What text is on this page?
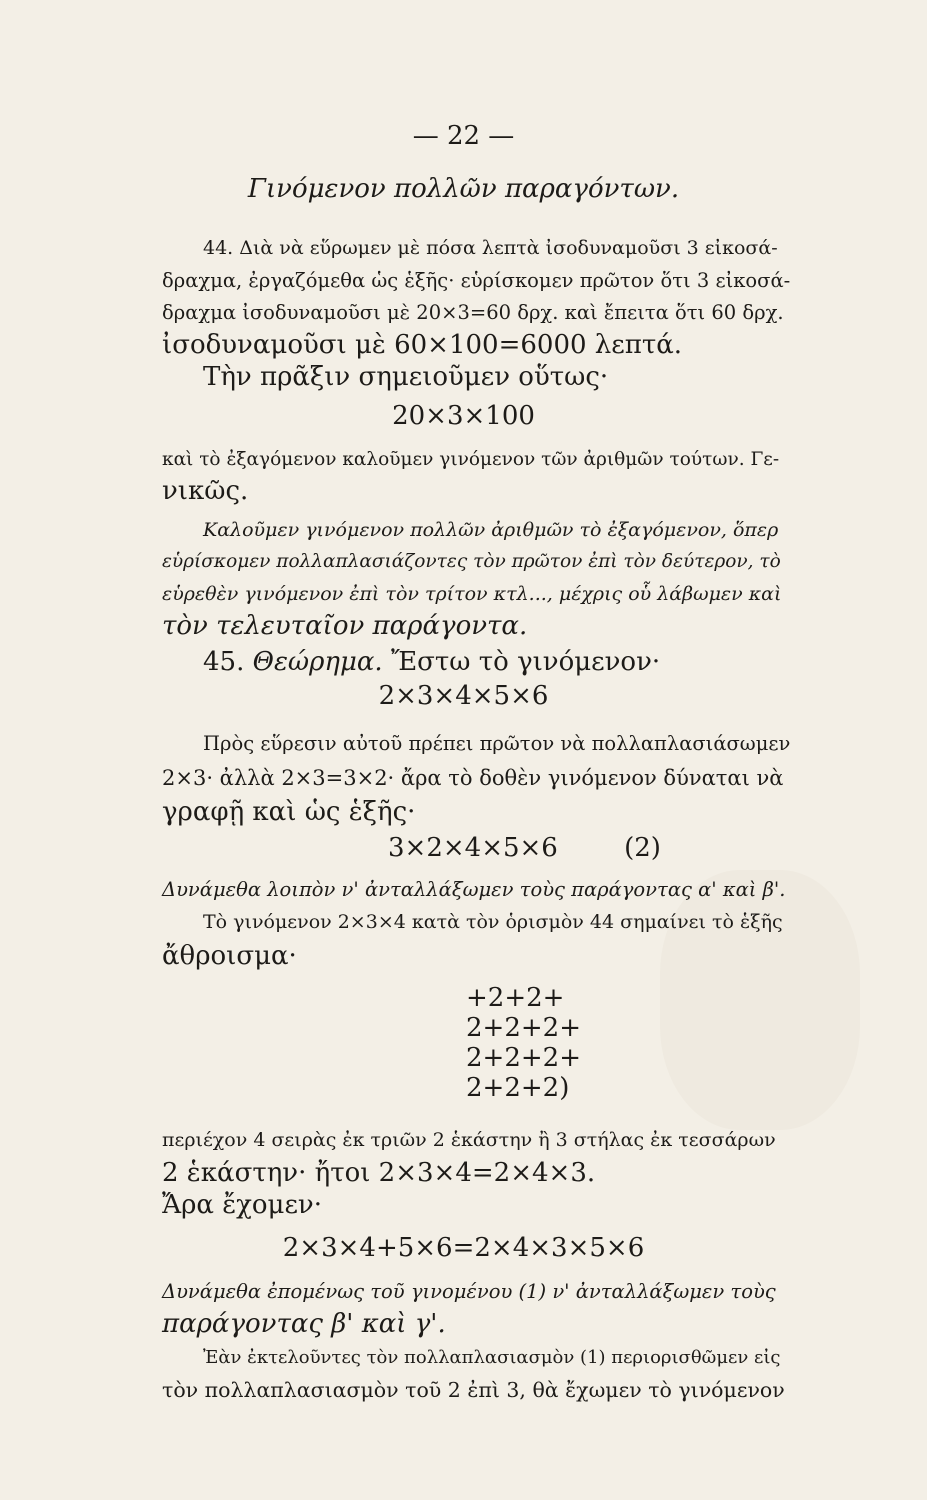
— 22 —
Γινόμενον πολλῶν παραγόντων.
44. Διὰ νὰ εὕρωμεν μὲ πόσα λεπτὰ ἰσοδυναμοῦσι 3 εἰκοσά-
δραχμα, ἐργαζόμεθα ὡς ἑξῆς· εὑρίσκομεν πρῶτον ὅτι 3 εἰκοσά-
δραχμα ἰσοδυναμοῦσι μὲ 20×3=60 δρχ. καὶ ἔπειτα ὅτι 60 δρχ.
ἰσοδυναμοῦσι μὲ 60×100=6000 λεπτά.
Τὴν πρᾶξιν σημειοῦμεν οὕτως·
20×3×100
καὶ τὸ ἐξαγόμενον καλοῦμεν γινόμενον τῶν ἀριθμῶν τούτων. Γε-
νικῶς.
Καλοῦμεν γινόμενον πολλῶν ἀριθμῶν τὸ ἐξαγόμενον, ὅπερ
εὑρίσκομεν πολλαπλασιάζοντες τὸν πρῶτον ἐπὶ τὸν δεύτερον, τὸ
εὑρεθὲν γινόμενον ἐπὶ τὸν τρίτον κτλ..., μέχρις οὗ λάβωμεν καὶ
τὸν τελευταῖον παράγοντα.
45. Θεώρημα. Ἔστω τὸ γινόμενον·
2×3×4×5×6
Πρὸς εὕρεσιν αὐτοῦ πρέπει πρῶτον νὰ πολλαπλασιάσωμεν
2×3· ἀλλὰ 2×3=3×2· ἄρα τὸ δοθὲν γινόμενον δύναται νὰ
γραφῇ καὶ ὡς ἑξῆς·
3×2×4×5×6	(2)
Δυνάμεθα λοιπὸν ν' ἀνταλλάξωμεν τοὺς παράγοντας α' καὶ β'.
Τὸ γινόμενον 2×3×4 κατὰ τὸν ὁρισμὸν 44 σημαίνει τὸ ἑξῆς
ἄθροισμα·
+2+2+
2+2+2+
2+2+2+
2+2+2)
περιέχον 4 σειρὰς ἐκ τριῶν 2 ἑκάστην ἢ 3 στήλας ἐκ τεσσάρων
2 ἑκάστην· ἤτοι 2×3×4=2×4×3.
Ἄρα ἔχομεν·
2×3×4+5×6=2×4×3×5×6
Δυνάμεθα ἐπομένως τοῦ γινομένου (1) ν' ἀνταλλάξωμεν τοὺς
παράγοντας β' καὶ γ'.
Ἐὰν ἐκτελοῦντες τὸν πολλαπλασιασμὸν (1) περιορισθῶμεν εἰς
τὸν πολλαπλασιασμὸν τοῦ 2 ἐπὶ 3, θὰ ἔχωμεν τὸ γινόμενον
